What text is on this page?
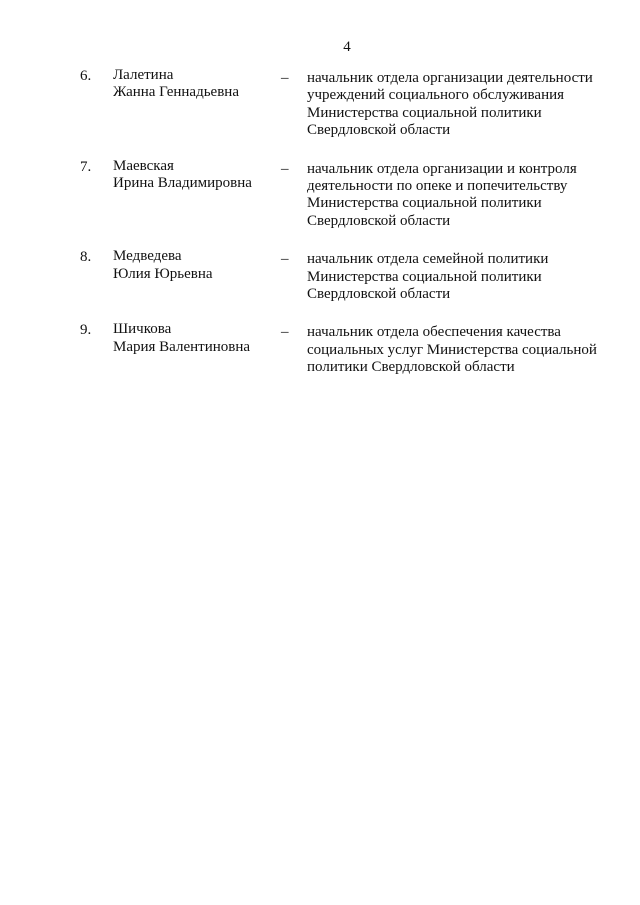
4
6. Лалетина
Жанна Геннадьевна
– начальник отдела организации деятельности учреждений социального обслуживания Министерства социальной политики Свердловской области
7. Маевская
Ирина Владимировна
– начальник отдела организации и контроля деятельности по опеке и попечительству Министерства социальной политики Свердловской области
8. Медведева
Юлия Юрьевна
– начальник отдела семейной политики Министерства социальной политики Свердловской области
9. Шичкова
Мария Валентиновна
– начальник отдела обеспечения качества социальных услуг Министерства социальной политики Свердловской области
